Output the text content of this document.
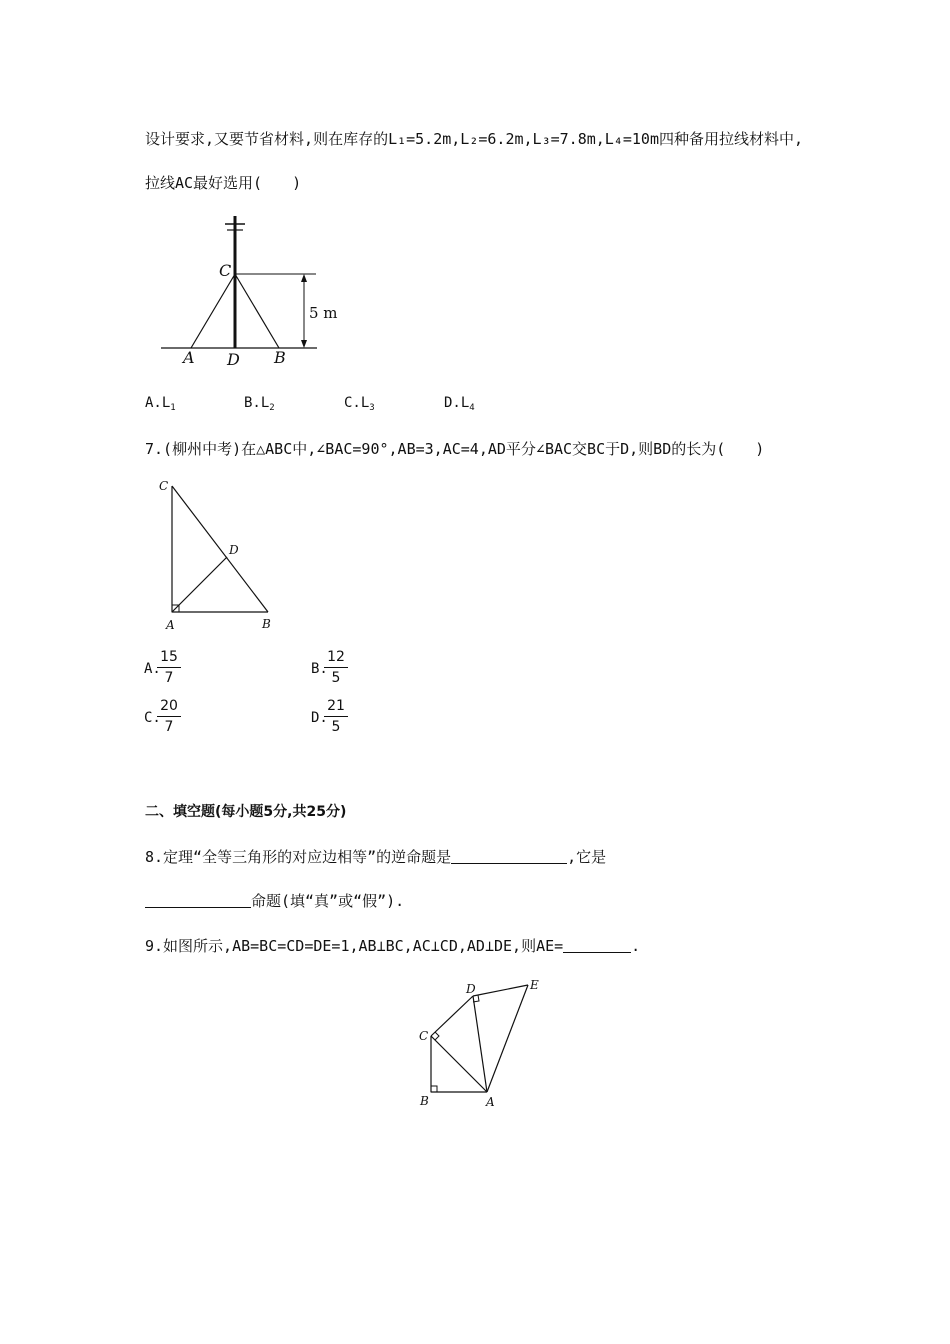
设计要求,又要节省材料,则在库存的L₁=5.2m,L₂=6.2m,L₃=7.8m,L₄=10m四种备用拉线材料中,
拉线AC最好选用(　　)
5 m
C
A D B
$A.L_1$	$B.L_2$	$C.L_3$	$D.L_4$
7.(柳州中考)在△ABC中,∠BAC=90°,AB=3,AC=4,AD平分∠BAC交BC于D,则BD的长为(　　)
C
D
A	B
A.
15
7
B.
12
5
C.
20
7
D.
21
5
二、填空题(每小题5分,共25分)
8.定理“全等三角形的对应边相等”的逆命题是	,它是
命题(填“真”或“假”).
9.如图所示,AB=BC=CD=DE=1,AB⊥BC,AC⊥CD,AD⊥DE,则AE=	.
B	A
C
D	E
